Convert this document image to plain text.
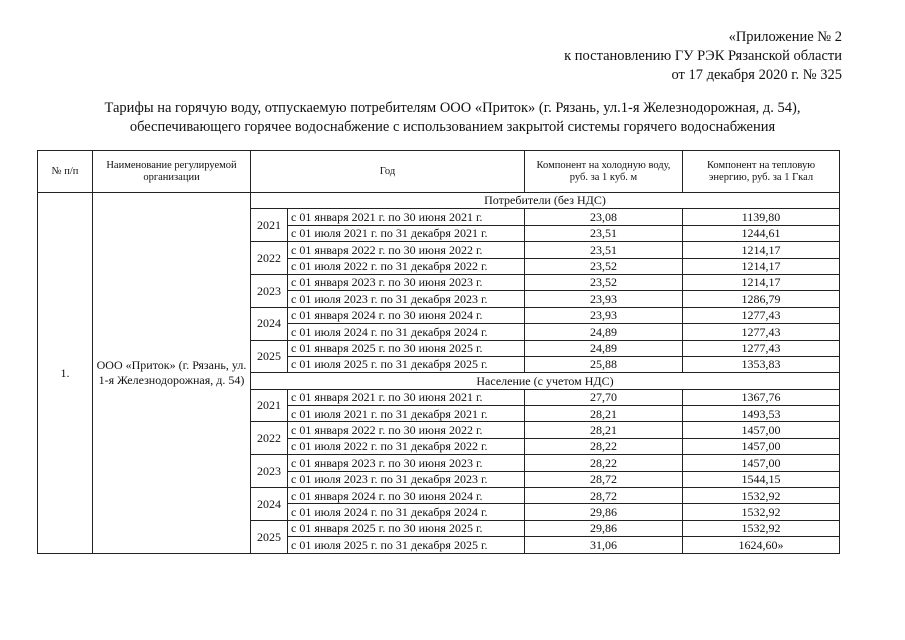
«Приложение № 2
к постановлению ГУ РЭК Рязанской области
от 17 декабря 2020 г. № 325
Тарифы на горячую воду, отпускаемую потребителям ООО «Приток» (г. Рязань, ул.1-я Железнодорожная, д. 54),
обеспечивающего горячее водоснабжение с использованием закрытой системы горячего водоснабжения
№ п/п	Наименование регулируемой организации	Год		Компонент на холодную воду, руб. за 1 куб. м	Компонент на тепловую энергию, руб. за 1 Гкал
1.	ООО «Приток» (г. Рязань, ул. 1-я Железнодорожная, д. 54)	Потребители (без НДС)			
		2021	с 01 января 2021 г. по 30 июня 2021 г.	23,08	1139,80
			с 01 июля 2021 г. по 31 декабря 2021 г.	23,51	1244,61
		2022	с 01 января 2022 г. по 30 июня 2022 г.	23,51	1214,17
			с 01 июля 2022 г. по 31 декабря 2022 г.	23,52	1214,17
		2023	с 01 января 2023 г. по 30 июня 2023 г.	23,52	1214,17
			с 01 июля 2023 г. по 31 декабря 2023 г.	23,93	1286,79
		2024	с 01 января 2024 г. по 30 июня 2024 г.	23,93	1277,43
			с 01 июля 2024 г. по 31 декабря 2024 г.	24,89	1277,43
		2025	с 01 января 2025 г. по 30 июня 2025 г.	24,89	1277,43
			с 01 июля 2025 г. по 31 декабря 2025 г.	25,88	1353,83
		Население (с учетом НДС)			
		2021	с 01 января 2021 г. по 30 июня 2021 г.	27,70	1367,76
			с 01 июля 2021 г. по 31 декабря 2021 г.	28,21	1493,53
		2022	с 01 января 2022 г. по 30 июня 2022 г.	28,21	1457,00
			с 01 июля 2022 г. по 31 декабря 2022 г.	28,22	1457,00
		2023	с 01 января 2023 г. по 30 июня 2023 г.	28,22	1457,00
			с 01 июля 2023 г. по 31 декабря 2023 г.	28,72	1544,15
		2024	с 01 января 2024 г. по 30 июня 2024 г.	28,72	1532,92
			с 01 июля 2024 г. по 31 декабря 2024 г.	29,86	1532,92
		2025	с 01 января 2025 г. по 30 июня 2025 г.	29,86	1532,92
			с 01 июля 2025 г. по 31 декабря 2025 г.	31,06	1624,60»
